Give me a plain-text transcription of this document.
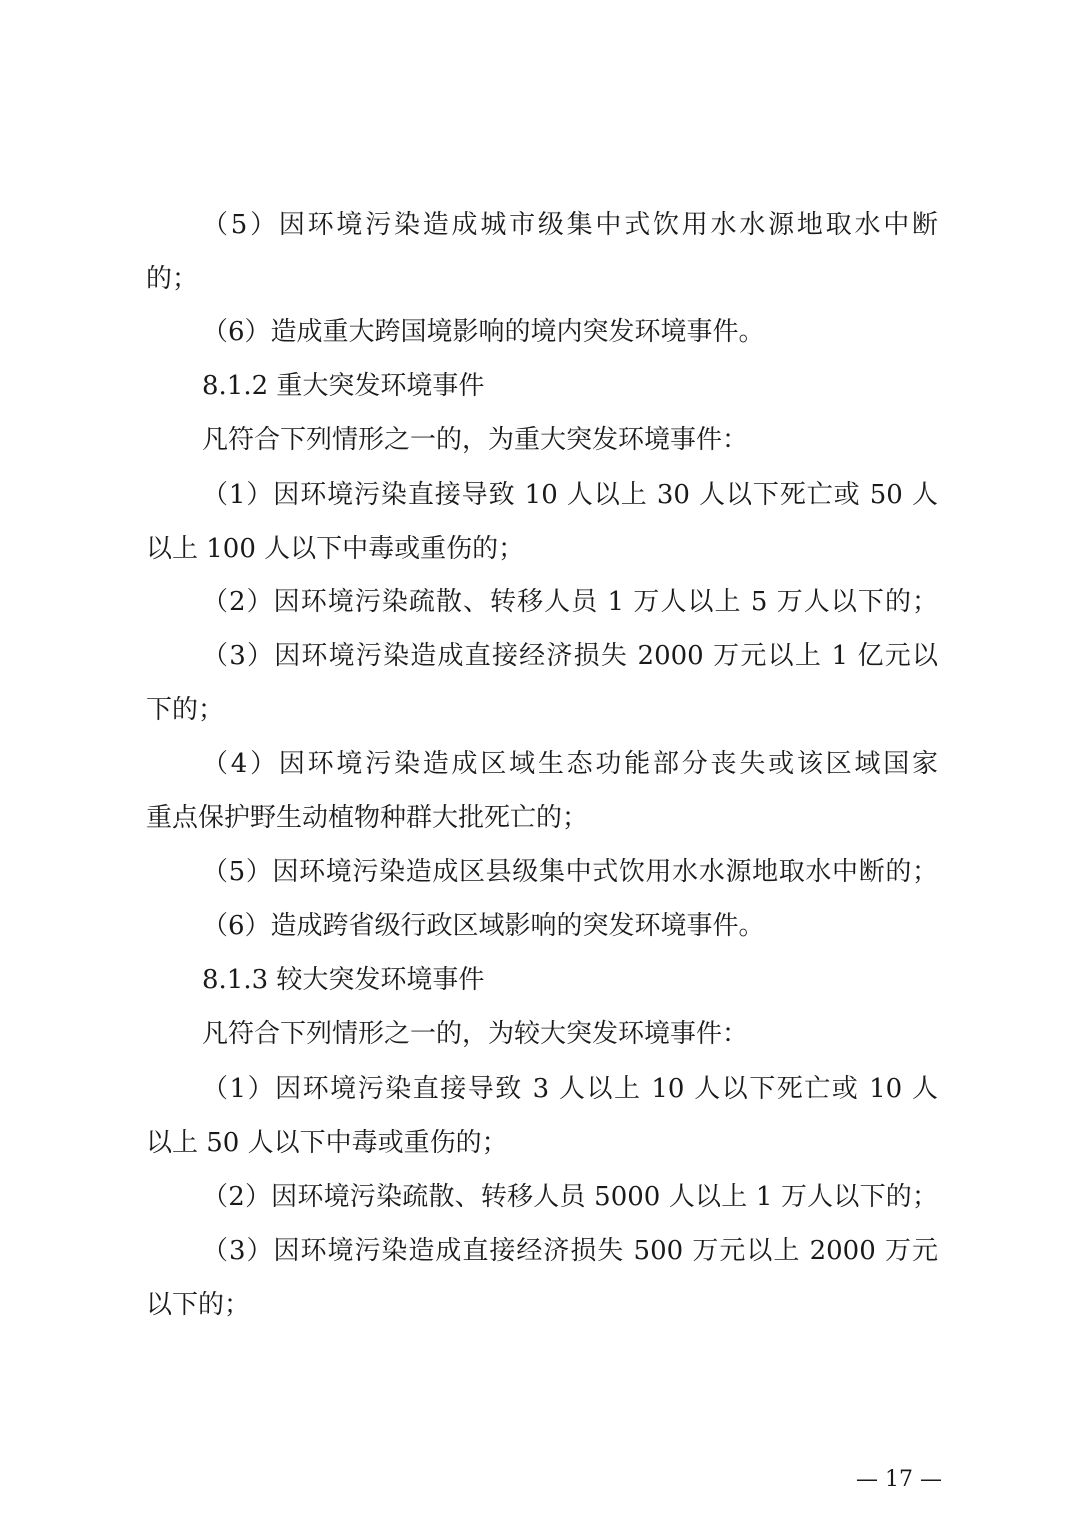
（5）因环境污染造成城市级集中式饮用水水源地取水中断
的；
（6）造成重大跨国境影响的境内突发环境事件。
8.1.2 重大突发环境事件
凡符合下列情形之一的，为重大突发环境事件：
（1）因环境污染直接导致 10 人以上 30 人以下死亡或 50 人
以上 100 人以下中毒或重伤的；
（2）因环境污染疏散、转移人员 1 万人以上 5 万人以下的；
（3）因环境污染造成直接经济损失 2000 万元以上 1 亿元以
下的；
（4）因环境污染造成区域生态功能部分丧失或该区域国家
重点保护野生动植物种群大批死亡的；
（5）因环境污染造成区县级集中式饮用水水源地取水中断的；
（6）造成跨省级行政区域影响的突发环境事件。
8.1.3 较大突发环境事件
凡符合下列情形之一的，为较大突发环境事件：
（1）因环境污染直接导致 3 人以上 10 人以下死亡或 10 人
以上 50 人以下中毒或重伤的；
（2）因环境污染疏散、转移人员 5000 人以上 1 万人以下的；
（3）因环境污染造成直接经济损失 500 万元以上 2000 万元
以下的；
— 17 —
